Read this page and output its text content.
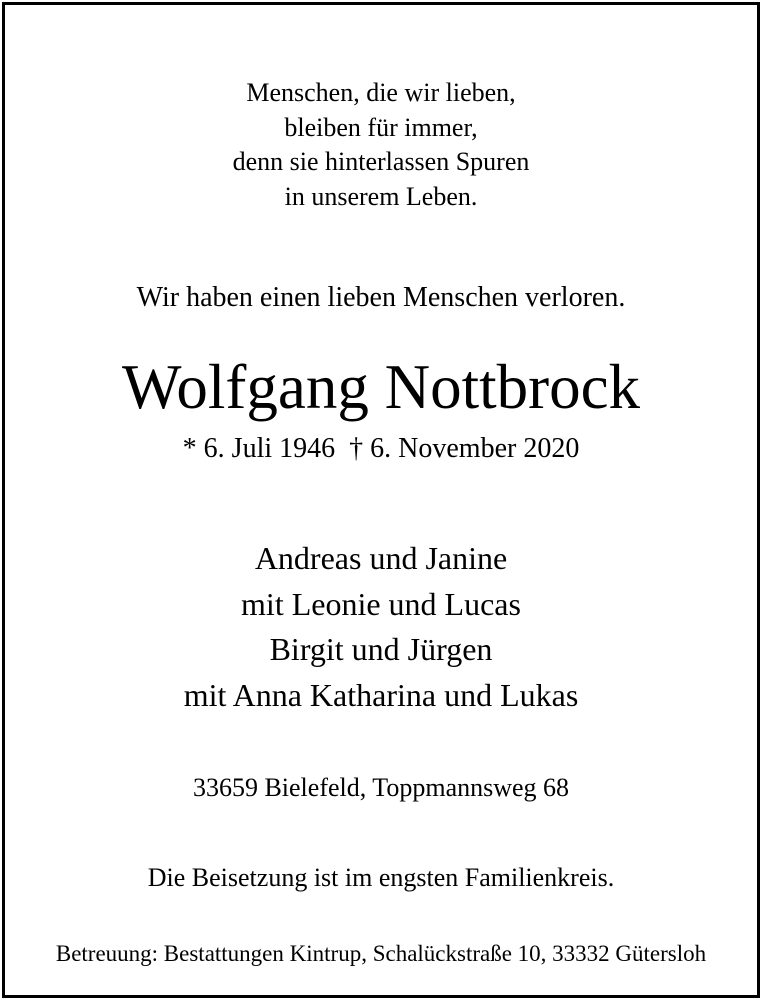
Menschen, die wir lieben,
bleiben für immer,
denn sie hinterlassen Spuren
in unserem Leben.
Wir haben einen lieben Menschen verloren.
Wolfgang Nottbrock
* 6. Juli 1946 † 6. November 2020
Andreas und Janine
mit Leonie und Lucas
Birgit und Jürgen
mit Anna Katharina und Lukas
33659 Bielefeld, Toppmannsweg 68
Die Beisetzung ist im engsten Familienkreis.
Betreuung: Bestattungen Kintrup, Schalückstraße 10, 33332 Gütersloh
